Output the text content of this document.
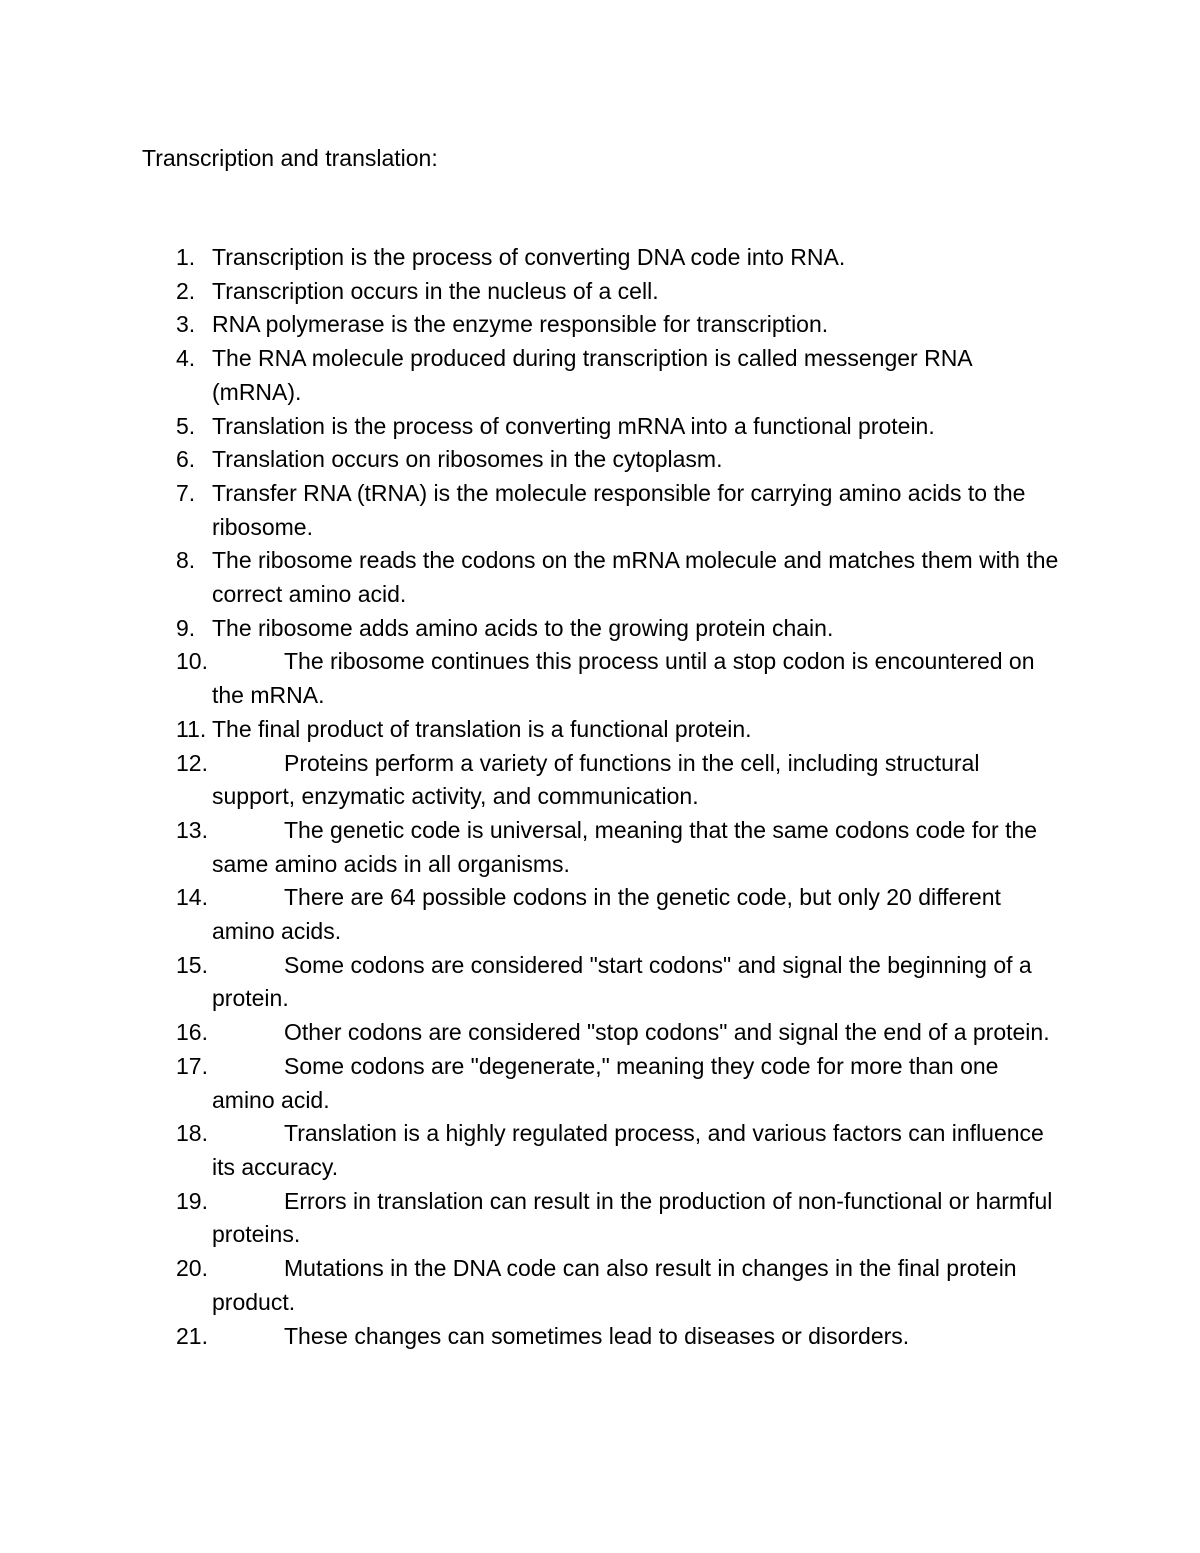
Transcription and translation:
1. Transcription is the process of converting DNA code into RNA.
2. Transcription occurs in the nucleus of a cell.
3. RNA polymerase is the enzyme responsible for transcription.
4. The RNA molecule produced during transcription is called messenger RNA (mRNA).
5. Translation is the process of converting mRNA into a functional protein.
6. Translation occurs on ribosomes in the cytoplasm.
7. Transfer RNA (tRNA) is the molecule responsible for carrying amino acids to the ribosome.
8. The ribosome reads the codons on the mRNA molecule and matches them with the correct amino acid.
9. The ribosome adds amino acids to the growing protein chain.
10.	The ribosome continues this process until a stop codon is encountered on the mRNA.
11. The final product of translation is a functional protein.
12.	Proteins perform a variety of functions in the cell, including structural support, enzymatic activity, and communication.
13.	The genetic code is universal, meaning that the same codons code for the same amino acids in all organisms.
14.	There are 64 possible codons in the genetic code, but only 20 different amino acids.
15.	Some codons are considered "start codons" and signal the beginning of a protein.
16.	Other codons are considered "stop codons" and signal the end of a protein.
17.	Some codons are "degenerate," meaning they code for more than one amino acid.
18.	Translation is a highly regulated process, and various factors can influence its accuracy.
19.	Errors in translation can result in the production of non-functional or harmful proteins.
20.	Mutations in the DNA code can also result in changes in the final protein product.
21.	These changes can sometimes lead to diseases or disorders.
